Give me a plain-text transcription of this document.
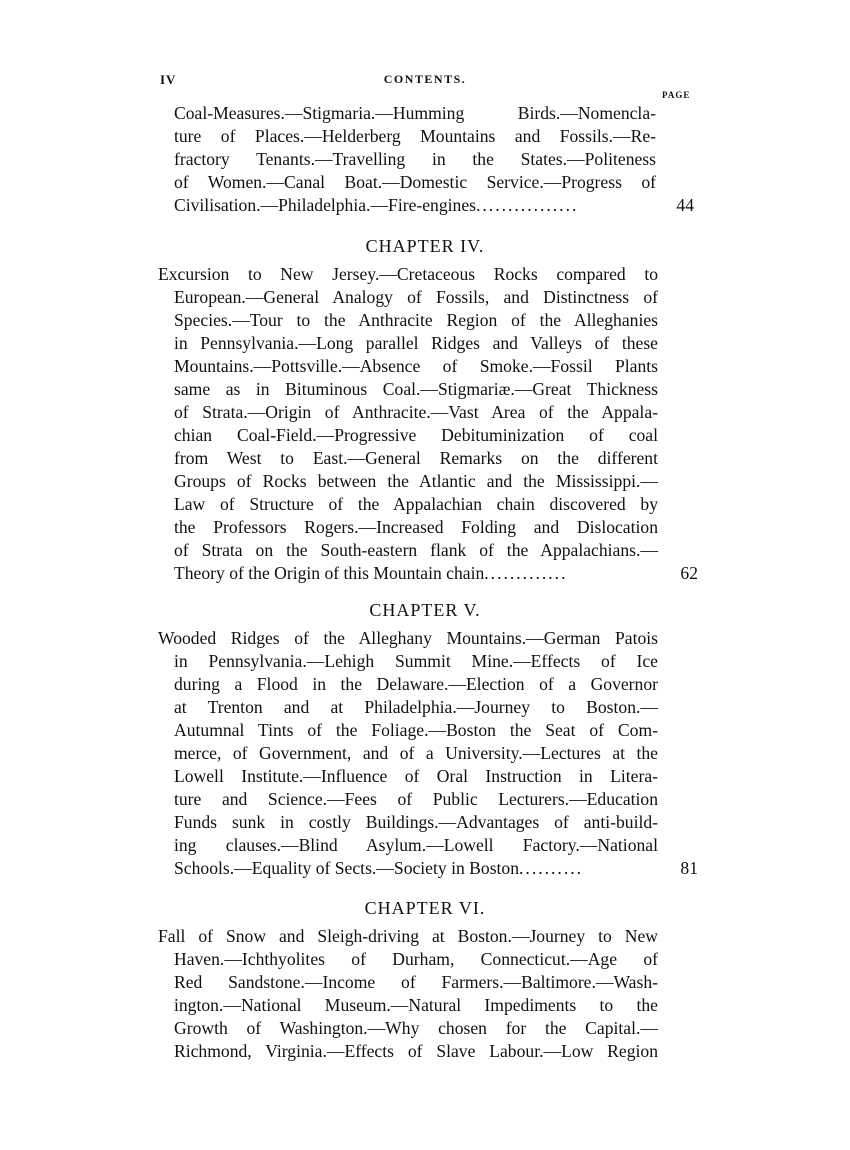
IV	CONTENTS.
PAGE
Coal-Measures.—Stigmaria.—Humming Birds.—Nomencla-
ture of Places.—Helderberg Mountains and Fossils.—Re-
fractory Tenants.—Travelling in the States.—Politeness
of Women.—Canal Boat.—Domestic Service.—Progress of
Civilisation.—Philadelphia.—Fire-engines ................	44
CHAPTER IV.
Excursion to New Jersey.—Cretaceous Rocks compared to
European.—General Analogy of Fossils, and Distinctness of
Species.—Tour to the Anthracite Region of the Alleghanies
in Pennsylvania.—Long parallel Ridges and Valleys of these
Mountains.—Pottsville.—Absence of Smoke.—Fossil Plants
same as in Bituminous Coal.—Stigmariæ.—Great Thickness
of Strata.—Origin of Anthracite.—Vast Area of the Appala-
chian Coal-Field.—Progressive Debituminization of coal
from West to East.—General Remarks on the different
Groups of Rocks between the Atlantic and the Mississippi.—
Law of Structure of the Appalachian chain discovered by
the Professors Rogers.—Increased Folding and Dislocation
of Strata on the South-eastern flank of the Appalachians.—
Theory of the Origin of this Mountain chain .............	62
CHAPTER V.
Wooded Ridges of the Alleghany Mountains.—German Patois
in Pennsylvania.—Lehigh Summit Mine.—Effects of Ice
during a Flood in the Delaware.—Election of a Governor
at Trenton and at Philadelphia.—Journey to Boston.—
Autumnal Tints of the Foliage.—Boston the Seat of Com-
merce, of Government, and of a University.—Lectures at the
Lowell Institute.—Influence of Oral Instruction in Litera-
ture and Science.—Fees of Public Lecturers.—Education
Funds sunk in costly Buildings.—Advantages of anti-build-
ing clauses.—Blind Asylum.—Lowell Factory.—National
Schools.—Equality of Sects.—Society in Boston ..........	81
CHAPTER VI.
Fall of Snow and Sleigh-driving at Boston.—Journey to New
Haven.—Ichthyolites of Durham, Connecticut.—Age of
Red Sandstone.—Income of Farmers.—Baltimore.—Wash-
ington.—National Museum.—Natural Impediments to the
Growth of Washington.—Why chosen for the Capital.—
Richmond, Virginia.—Effects of Slave Labour.—Low Region
